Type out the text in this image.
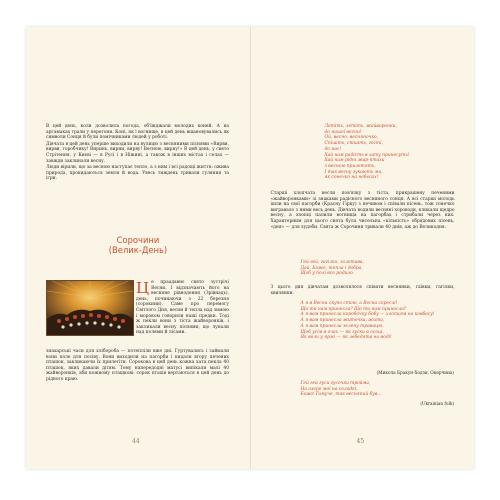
В цей день, коли дозволила погода, об'їжджали молодих коней. А на аргамаках грали у перегони. Коні, як і вогнище, в цей день вшановувались як символи Сонця й були помічниками людей у роботі.

Дівчата в цей день уперше виходили на вулицю з весняними піснями «Вирви, вирви, горобчику! Виринь, вирни, вирву! Весною, вирну!» В цей день, у свято Стрітення, у Києві — в Русі і в Ніжині, а також в інших містах і селах — завжди заклинали весну.

Люди вірили, що за весною наступає тепло, а з ним і всі радощі життя: ожива природа, прокидаються земля й вода. Увесь тиждень тривали гуляння та ігри.

Сорочини
(Велик-День)
Ц е праадавнє свято зустрічі Весни. І відзначають його на весняне рівнодення (Зрівнадь), день, починаючи з 22 березня (сорокини). Саме про перемогу Світлого Дня, весни й тепла над зимою і мороком говорили наші предки. Тоді ж пекли вони з тіста жайворонків, і закликали весну піснями, що лунали над полями й лісами.

знахарські часи для хлібороба — потепліли вже дні. Гуртувались і займали вони поле для посіву. Вони виходили на пагорби і кидали вгору печених пташок, закликаючи їх прилетіти. Сорокова в цей день кожна хата пекла 40 пташок, яких давали дітям. Тому напередодні матусі випікали малі 40 жайворонків, аби кожному пташкові: сорок птахів вертаються в цей день до рідного краю.

44

Летіть, летіть, жайворонки,

до нашої весни!

Ой, весно, весняночко,

Спішіть, спішіть, гості,

до нас!

Хай нам радість в хату принесуть!

Хай нам рідні жар-птахи

з весною прилетять,

І так весну гукають ми,

як сонечко на небесах!

Старші хлопчата несли пов'язку з тіста, прикрашену печеними «жайворонками» зі знаками радісного весняного сонця. А всі старші молодь ішли на свої пагорби (Красну Гірку) з печивом і співали пісень, тож сонечко вигравало з ними весь день. Дівчата водили весняні хороводи, кликали щедро весну, а хлопці палили вогнища на пагорбах і стрибали через них. Характерним для цього свята була чисельна «кількість» обрядових пісень, «дня» — для худоби. Свята ж Сорочини тривали 40 днів, аж до Великодня.

Гей-гей, гагілко, золотава,

Дай, Боже, тепла і добра,

Щоб у полі все родило.

З цього дня дівчатам дозволялося співати веснянки, гаївки, гагілки, хвилянки.

А я в Весни скупо стою, а Весна скреслі!

Що ти нам принесла? Що ти нам принесла?

А я вам принесла коробочку бобу — хлопцям на ковбасу!

А я вам принесла житечка, жита,

А я вам принесла зелену травицю,

Щоб усім в очах — як гуски в осоці,

Як воли у ярмі — як лебедята на воді!

(Микола Бракун-Ходзи, Окерчина)

Гей гей гуси гусочки тройма,

На озеро мої на солодкі,

Боже Тимуче, так весняний був...

(Ukrainian folk)
45
